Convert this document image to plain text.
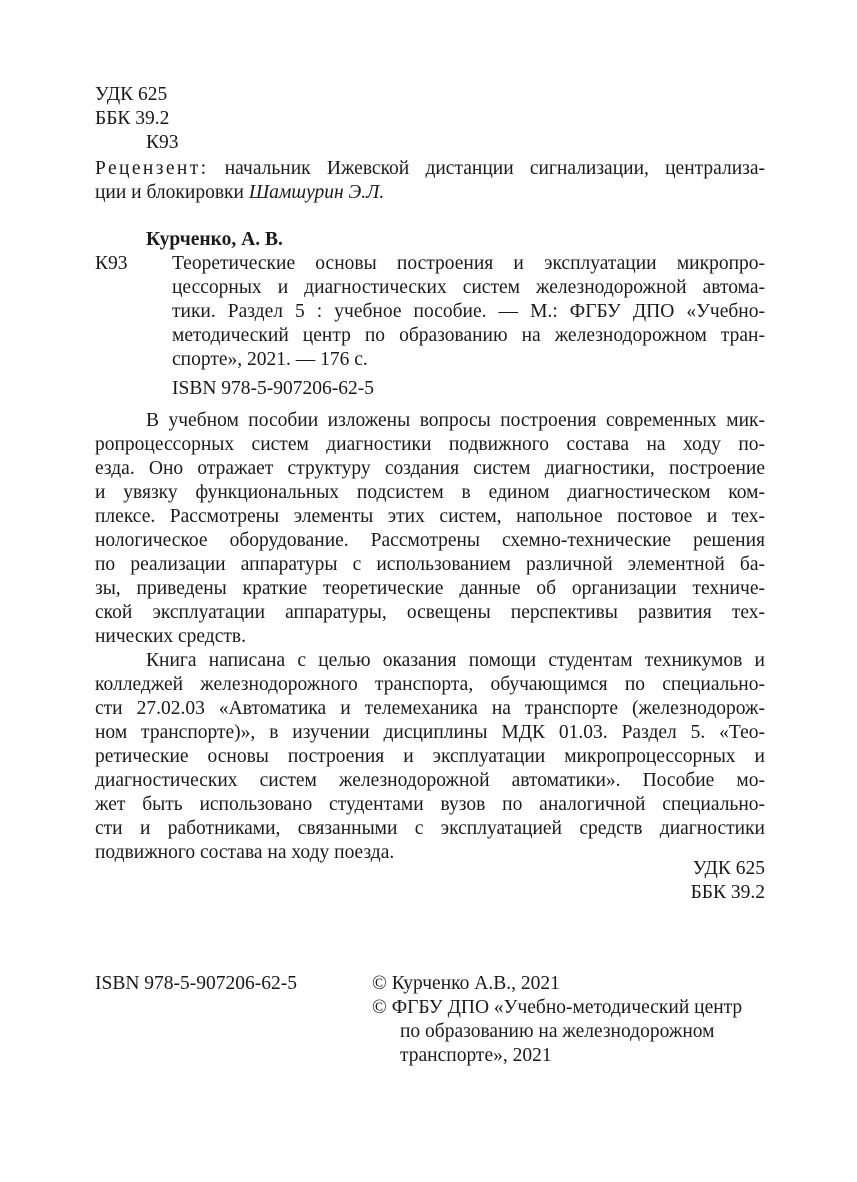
УДК 625
ББК 39.2
К93
Рецензент: начальник Ижевской дистанции сигнализации, централиза-
ции и блокировки Шамшурин Э.Л.
Курченко, А. В.
К93 Теоретические основы построения и эксплуатации микропро-
цессорных и диагностических систем железнодорожной автома-
тики. Раздел 5 : учебное пособие. — М.: ФГБУ ДПО «Учебно-
методический центр по образованию на железнодорожном тран-
спорте», 2021. — 176 с.
ISBN 978-5-907206-62-5
В учебном пособии изложены вопросы построения современных мик-
ропроцессорных систем диагностики подвижного состава на ходу по-
езда. Оно отражает структуру создания систем диагностики, построение
и увязку функциональных подсистем в едином диагностическом ком-
плексе. Рассмотрены элементы этих систем, напольное постовое и тех-
нологическое оборудование. Рассмотрены схемно-технические решения
по реализации аппаратуры с использованием различной элементной ба-
зы, приведены краткие теоретические данные об организации техниче-
ской эксплуатации аппаратуры, освещены перспективы развития тех-
нических средств.
Книга написана с целью оказания помощи студентам техникумов и
колледжей железнодорожного транспорта, обучающимся по специально-
сти 27.02.03 «Автоматика и телемеханика на транспорте (железнодорож-
ном транспорте)», в изучении дисциплины МДК 01.03. Раздел 5. «Тео-
ретические основы построения и эксплуатации микропроцессорных и
диагностических систем железнодорожной автоматики». Пособие мо-
жет быть использовано студентами вузов по аналогичной специально-
сти и работниками, связанными с эксплуатацией средств диагностики
подвижного состава на ходу поезда.
УДК 625
ББК 39.2
ISBN 978-5-907206-62-5	© Курченко А.В., 2021
© ФГБУ ДПО «Учебно-методический центр
по образованию на железнодорожном
транспорте», 2021
